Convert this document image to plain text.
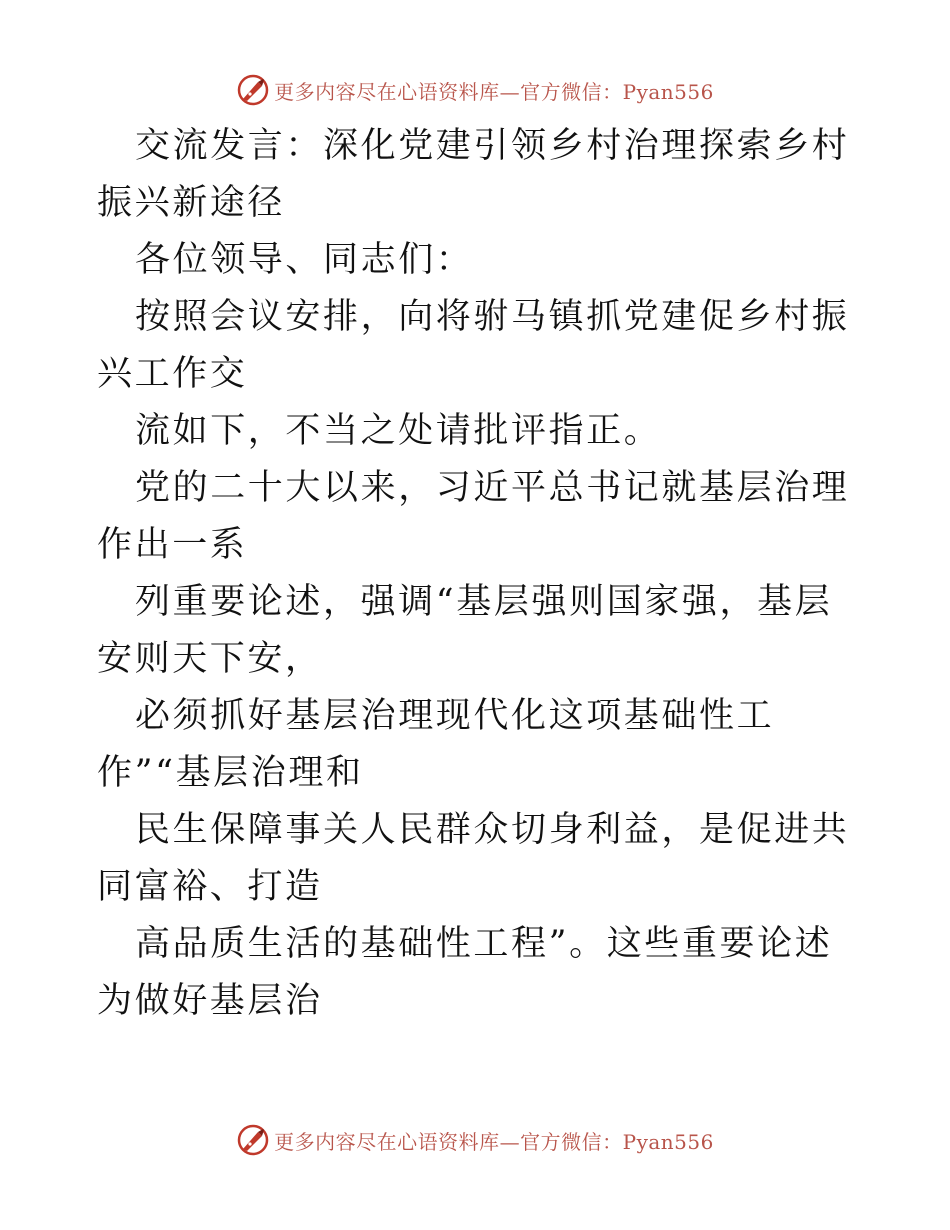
更多内容尽在心语资料库—官方微信：Pyan556

交流发言：深化党建引领乡村治理探索乡村振兴新途径

各位领导、同志们：

按照会议安排，向将驸马镇抓党建促乡村振兴工作交

流如下，不当之处请批评指正。

党的二十大以来，习近平总书记就基层治理作出一系

列重要论述，强调“基层强则国家强，基层安则天下安，

必须抓好基层治理现代化这项基础性工作”“基层治理和

民生保障事关人民群众切身利益，是促进共同富裕、打造

高品质生活的基础性工程”。这些重要论述为做好基层治

更多内容尽在心语资料库—官方微信：Pyan556
